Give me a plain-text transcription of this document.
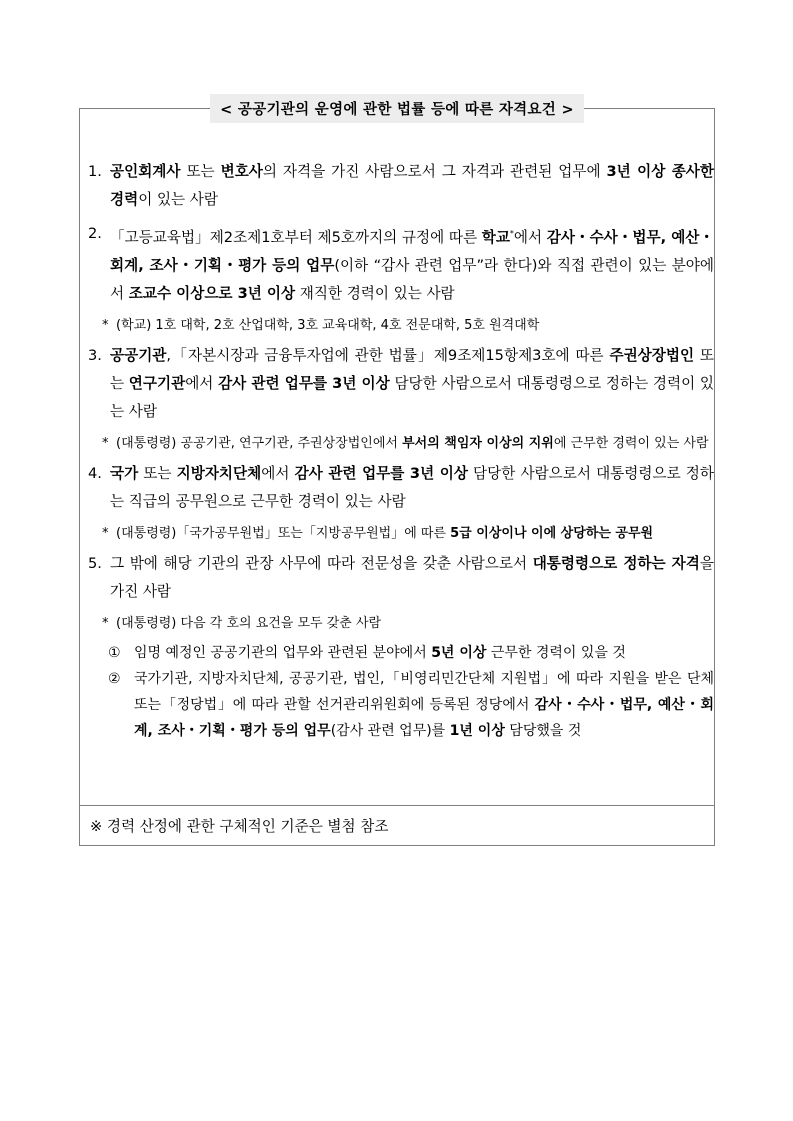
< 공공기관의 운영에 관한 법률 등에 따른 자격요건 >
1. 공인회계사 또는 변호사의 자격을 가진 사람으로서 그 자격과 관련된 업무에 3년 이상 종사한 경력이 있는 사람
2. 「고등교육법」제2조제1호부터 제5호까지의 규정에 따른 학교*에서 감사・수사・법무, 예산・회계, 조사・기획・평가 등의 업무(이하 “감사 관련 업무”라 한다)와 직접 관련이 있는 분야에서 조교수 이상으로 3년 이상 재직한 경력이 있는 사람
* (학교) 1호 대학, 2호 산업대학, 3호 교육대학, 4호 전문대학, 5호 원격대학
3. 공공기관,「자본시장과 금융투자업에 관한 법률」제9조제15항제3호에 따른 주권상장법인 또는 연구기관에서 감사 관련 업무를 3년 이상 담당한 사람으로서 대통령령으로 정하는 경력이 있는 사람
* (대통령령) 공공기관, 연구기관, 주권상장법인에서 부서의 책임자 이상의 지위에 근무한 경력이 있는 사람
4. 국가 또는 지방자치단체에서 감사 관련 업무를 3년 이상 담당한 사람으로서 대통령령으로 정하는 직급의 공무원으로 근무한 경력이 있는 사람
* (대통령령)「국가공무원법」또는「지방공무원법」에 따른 5급 이상이나 이에 상당하는 공무원
5. 그 밖에 해당 기관의 관장 사무에 따라 전문성을 갖춘 사람으로서 대통령령으로 정하는 자격을 가진 사람
* (대통령령) 다음 각 호의 요건을 모두 갖춘 사람
① 임명 예정인 공공기관의 업무와 관련된 분야에서 5년 이상 근무한 경력이 있을 것
② 국가기관, 지방자치단체, 공공기관, 법인,「비영리민간단체 지원법」에 따라 지원을 받은 단체 또는「정당법」에 따라 관할 선거관리위원회에 등록된 정당에서 감사・수사・법무, 예산・회계, 조사・기획・평가 등의 업무(감사 관련 업무)를 1년 이상 담당했을 것
※ 경력 산정에 관한 구체적인 기준은 별첨 참조
